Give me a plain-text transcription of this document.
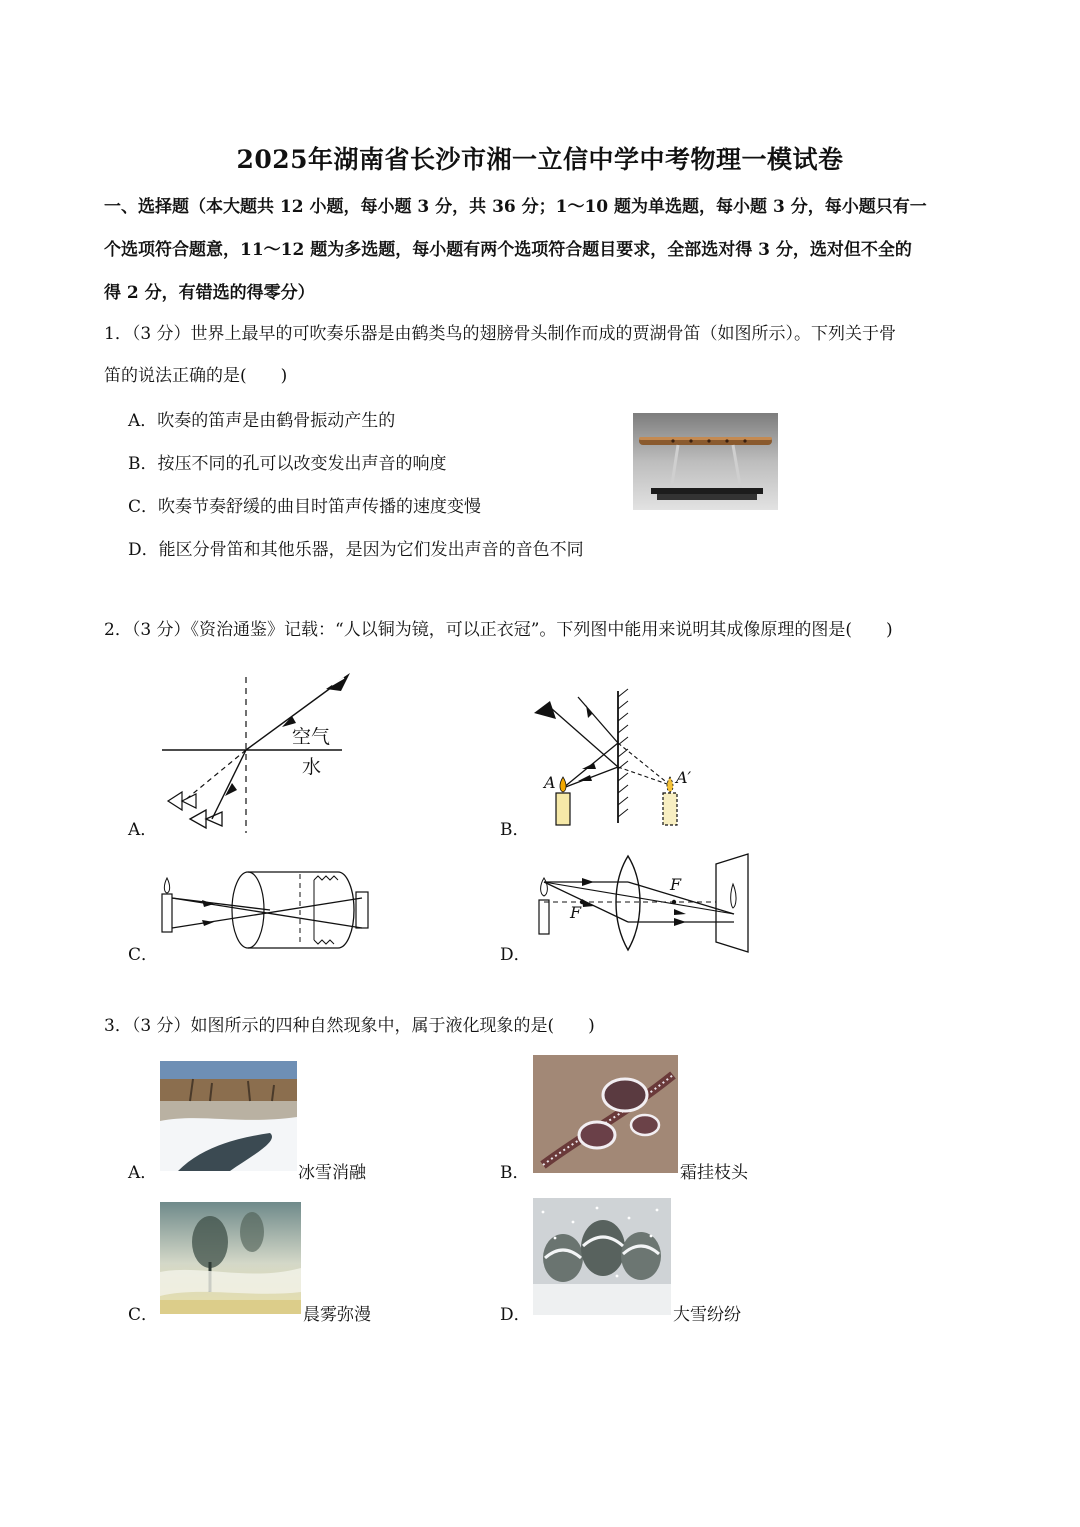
2025年湖南省长沙市湘一立信中学中考物理一模试卷
一、选择题（本大题共 12 小题，每小题 3 分，共 36 分；1～10 题为单选题，每小题 3 分，每小题只有一
个选项符合题意，11～12 题为多选题，每小题有两个选项符合题目要求，全部选对得 3 分，选对但不全的
得 2 分，有错选的得零分）
1．（3 分）世界上最早的可吹奏乐器是由鹤类鸟的翅膀骨头制作而成的贾湖骨笛（如图所示）。下列关于骨
笛的说法正确的是(　　)
A．吹奏的笛声是由鹤骨振动产生的
B．按压不同的孔可以改变发出声音的响度
C．吹奏节奏舒缓的曲目时笛声传播的速度变慢
D．能区分骨笛和其他乐器，是因为它们发出声音的音色不同
2．（3 分）《资治通鉴》记载：“人以铜为镜，可以正衣冠”。下列图中能用来说明其成像原理的图是(　　)
A．
空气
水
B．
A	A′
C．	D．
F
F
3．（3 分）如图所示的四种自然现象中，属于液化现象的是(　　)
A．	冰雪消融	B．	霜挂枝头
C．	晨雾弥漫	D．	大雪纷纷
